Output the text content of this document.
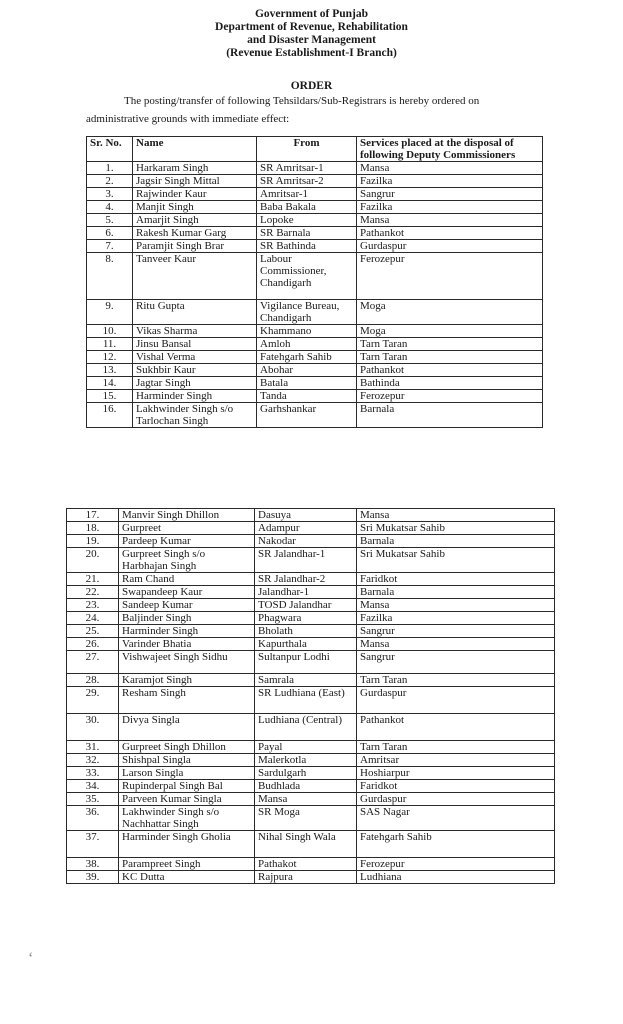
Government of Punjab
Department of Revenue, Rehabilitation
and Disaster Management
(Revenue Establishment-I Branch)
ORDER
The posting/transfer of following Tehsildars/Sub-Registrars is hereby ordered on
administrative grounds with immediate effect:
Sr. No.	Name	From	Services placed at the disposal of following Deputy Commissioners
1.	Harkaram Singh	SR Amritsar-1	Mansa
2.	Jagsir Singh Mittal	SR Amritsar-2	Fazilka
3.	Rajwinder Kaur	Amritsar-1	Sangrur
4.	Manjit Singh	Baba Bakala	Fazilka
5.	Amarjit Singh	Lopoke	Mansa
6.	Rakesh Kumar Garg	SR Barnala	Pathankot
7.	Paramjit Singh Brar	SR Bathinda	Gurdaspur
8.	Tanveer Kaur	Labour Commissioner, Chandigarh	Ferozepur
9.	Ritu Gupta	Vigilance Bureau, Chandigarh	Moga
10.	Vikas Sharma	Khammano	Moga
11.	Jinsu Bansal	Amloh	Tarn Taran
12.	Vishal Verma	Fatehgarh Sahib	Tarn Taran
13.	Sukhbir Kaur	Abohar	Pathankot
14.	Jagtar Singh	Batala	Bathinda
15.	Harminder Singh	Tanda	Ferozepur
16.	Lakhwinder Singh s/o Tarlochan Singh	Garhshankar	Barnala
17.	Manvir Singh Dhillon	Dasuya	Mansa
18.	Gurpreet	Adampur	Sri Mukatsar Sahib
19.	Pardeep Kumar	Nakodar	Barnala
20.	Gurpreet Singh s/o Harbhajan Singh	SR Jalandhar-1	Sri Mukatsar Sahib
21.	Ram Chand	SR Jalandhar-2	Faridkot
22.	Swapandeep Kaur	Jalandhar-1	Barnala
23.	Sandeep Kumar	TOSD Jalandhar	Mansa
24.	Baljinder Singh	Phagwara	Fazilka
25.	Harminder Singh	Bholath	Sangrur
26.	Varinder Bhatia	Kapurthala	Mansa
27.	Vishwajeet Singh Sidhu	Sultanpur Lodhi	Sangrur
28.	Karamjot Singh	Samrala	Tarn Taran
29.	Resham Singh	SR Ludhiana (East)	Gurdaspur
30.	Divya Singla	Ludhiana (Central)	Pathankot
31.	Gurpreet Singh Dhillon	Payal	Tarn Taran
32.	Shishpal Singla	Malerkotla	Amritsar
33.	Larson Singla	Sardulgarh	Hoshiarpur
34.	Rupinderpal Singh Bal	Budhlada	Faridkot
35.	Parveen Kumar Singla	Mansa	Gurdaspur
36.	Lakhwinder Singh s/o Nachhattar Singh	SR Moga	SAS Nagar
37.	Harminder Singh Gholia	Nihal Singh Wala	Fatehgarh Sahib
38.	Parampreet Singh	Pathakot	Ferozepur
39.	KC Dutta	Rajpura	Ludhiana
ʻ
